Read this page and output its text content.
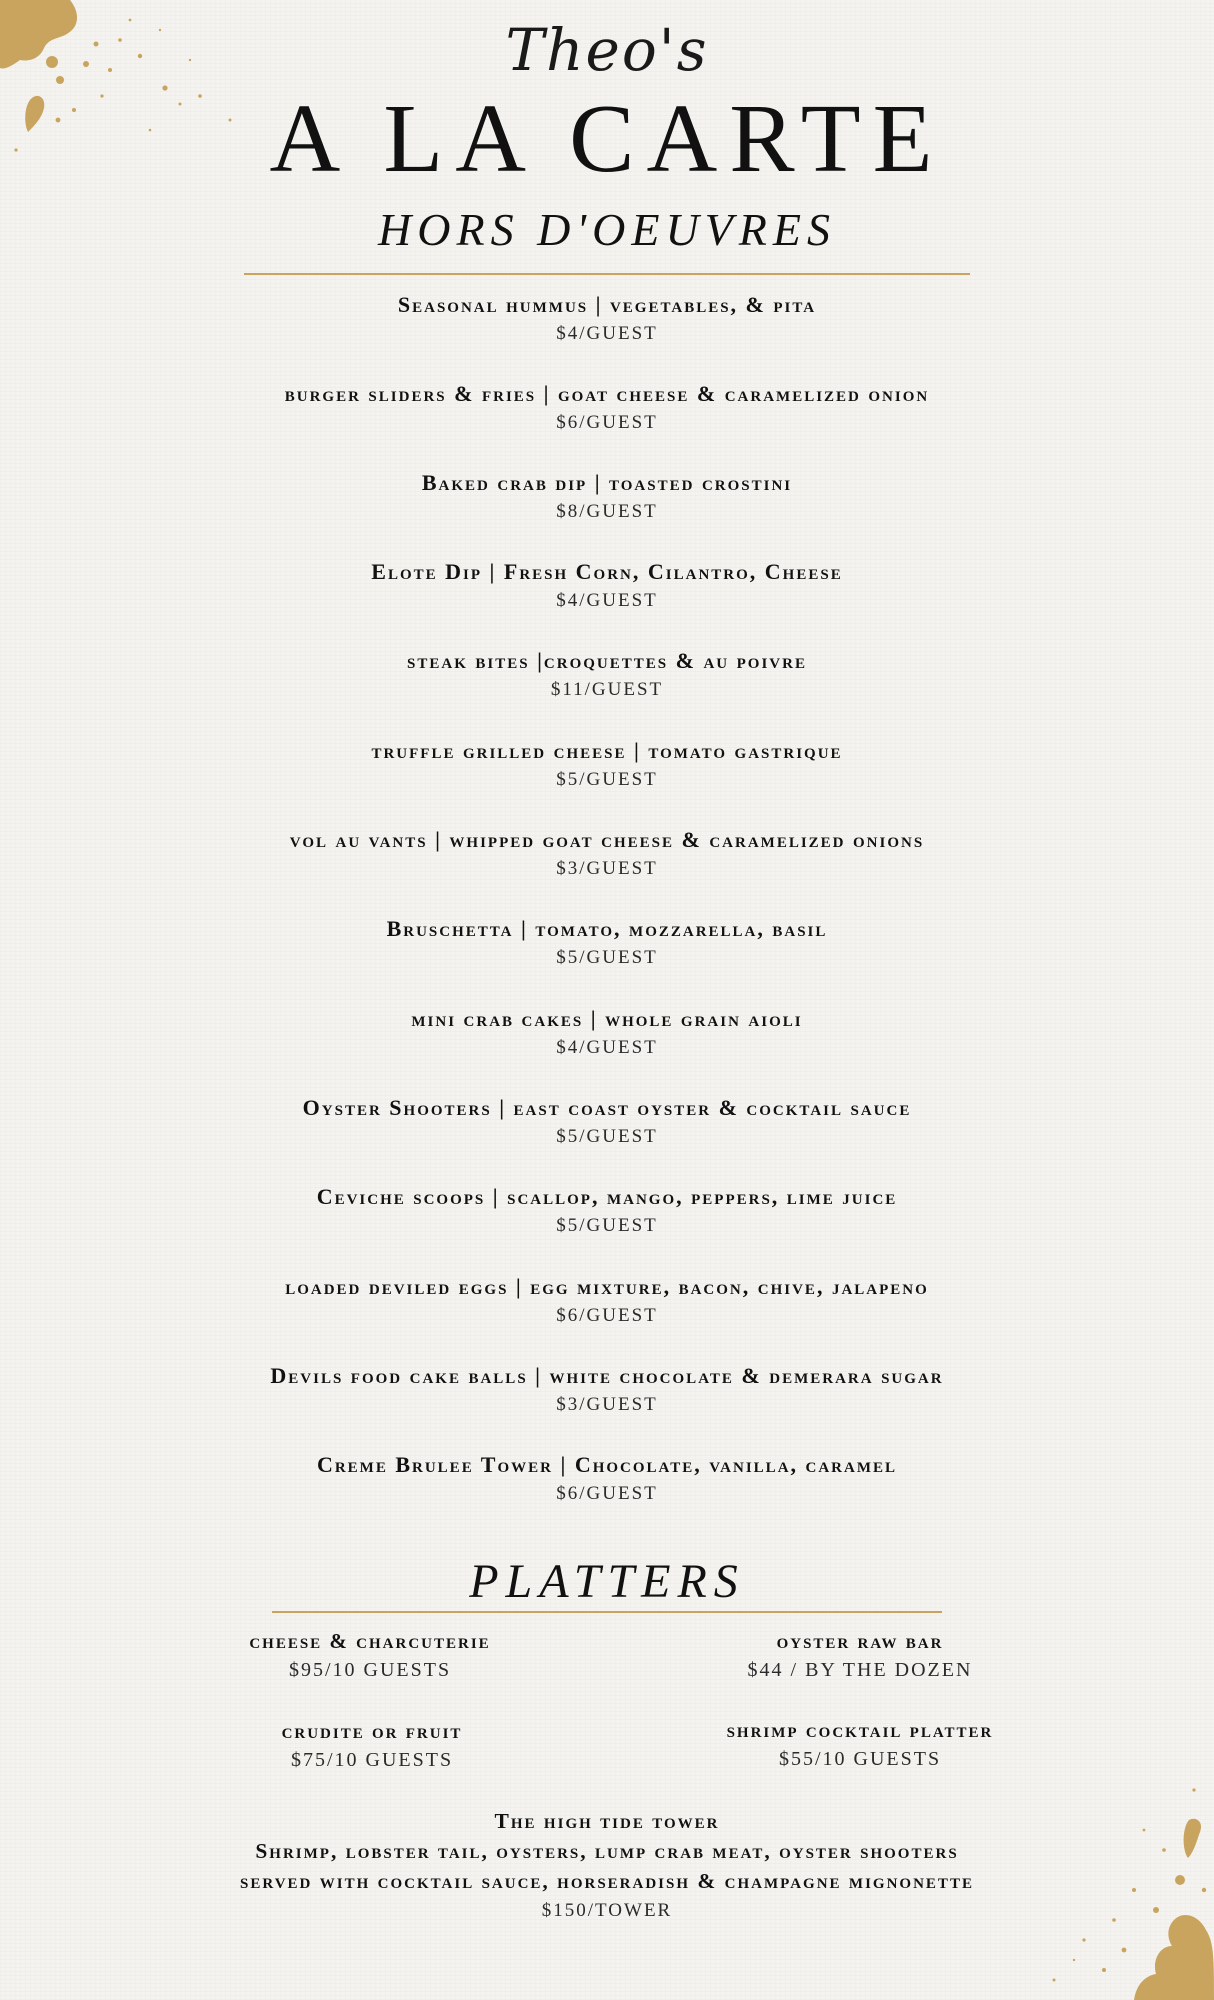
Theo's
A LA CARTE
HORS D'OEUVRES
Seasonal hummus | vegetables, & pita
$4/GUEST
burger sliders & fries | goat cheese & caramelized onion
$6/GUEST
Baked crab dip | toasted crostini
$8/GUEST
Elote Dip | Fresh Corn, Cilantro, Cheese
$4/GUEST
steak bites |croquettes & au poivre
$11/GUEST
truffle grilled cheese | tomato gastrique
$5/GUEST
vol au vants | whipped goat cheese & caramelized onions
$3/GUEST
Bruschetta | tomato, mozzarella, basil
$5/GUEST
mini crab cakes | whole grain aioli
$4/GUEST
Oyster Shooters | east coast oyster & cocktail sauce
$5/GUEST
Ceviche scoops | scallop, mango, peppers, lime juice
$5/GUEST
loaded deviled eggs | egg mixture, bacon, chive, jalapeno
$6/GUEST
Devils food cake balls | white chocolate & demerara sugar
$3/GUEST
Creme Brulee Tower | Chocolate, vanilla, caramel
$6/GUEST
PLATTERS
cheese & charcuterie
$95/10 GUESTS
oyster raw bar
$44 / BY THE DOZEN
crudite or fruit
$75/10 GUESTS
shrimp cocktail platter
$55/10 GUESTS
The high tide tower
Shrimp, lobster tail, oysters, lump crab meat, oyster shooters
served with cocktail sauce, horseradish & champagne mignonette
$150/TOWER
